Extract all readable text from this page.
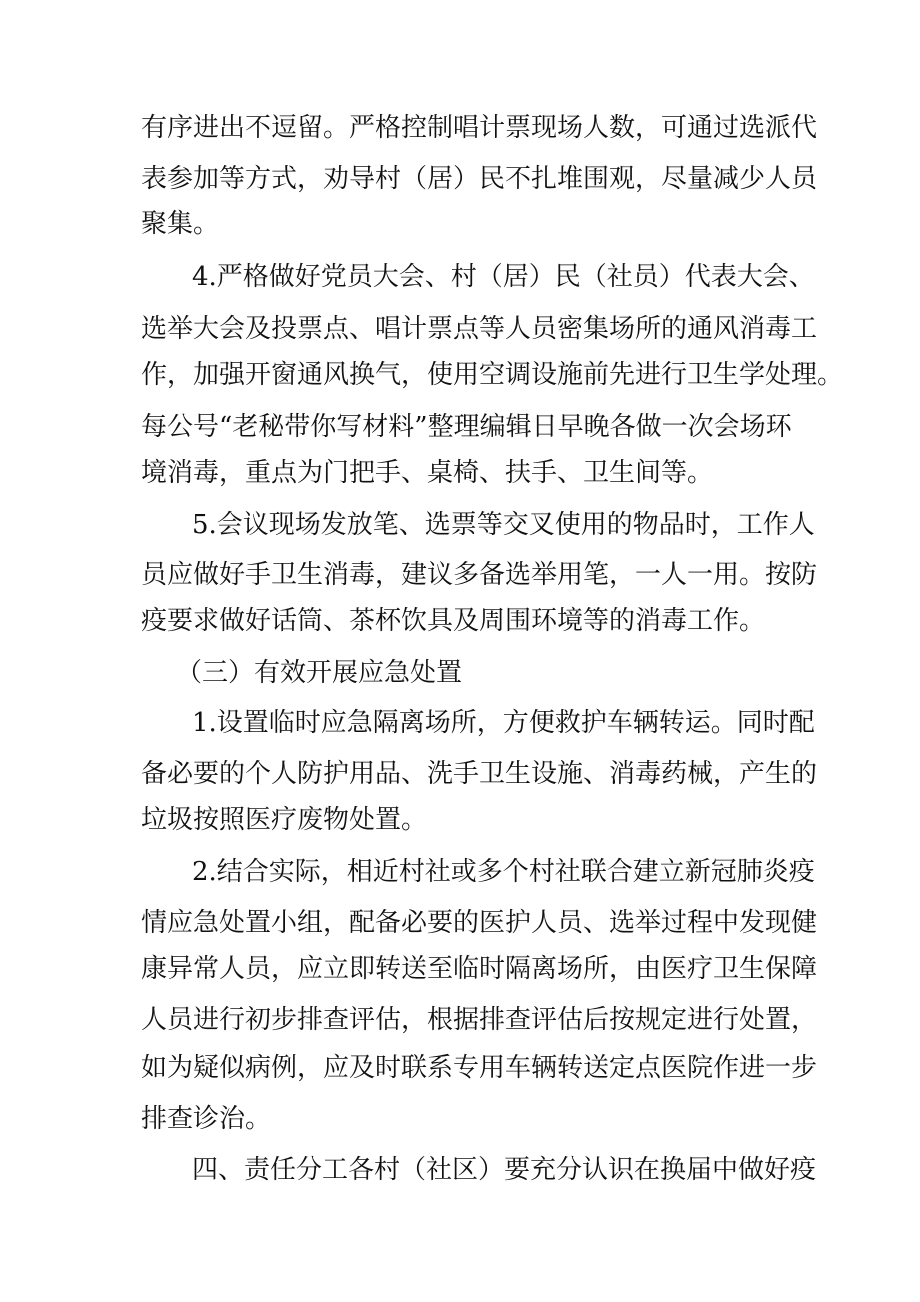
有序进出不逗留。严格控制唱计票现场人数，可通过选派代
表参加等方式，劝导村（居）民不扎堆围观，尽量减少人员
聚集。
4.严格做好党员大会、村（居）民（社员）代表大会、
选举大会及投票点、唱计票点等人员密集场所的通风消毒工
作，加强开窗通风换气，使用空调设施前先进行卫生学处理。
每公号“老秘带你写材料”整理编辑日早晚各做一次会场环
境消毒，重点为门把手、桌椅、扶手、卫生间等。
5.会议现场发放笔、选票等交叉使用的物品时，工作人
员应做好手卫生消毒，建议多备选举用笔，一人一用。按防
疫要求做好话筒、茶杯饮具及周围环境等的消毒工作。
（三）有效开展应急处置
1.设置临时应急隔离场所，方便救护车辆转运。同时配
备必要的个人防护用品、洗手卫生设施、消毒药械，产生的
垃圾按照医疗废物处置。
2.结合实际，相近村社或多个村社联合建立新冠肺炎疫
情应急处置小组，配备必要的医护人员、选举过程中发现健
康异常人员，应立即转送至临时隔离场所，由医疗卫生保障
人员进行初步排查评估，根据排查评估后按规定进行处置，
如为疑似病例，应及时联系专用车辆转送定点医院作进一步
排查诊治。
四、责任分工各村（社区）要充分认识在换届中做好疫
